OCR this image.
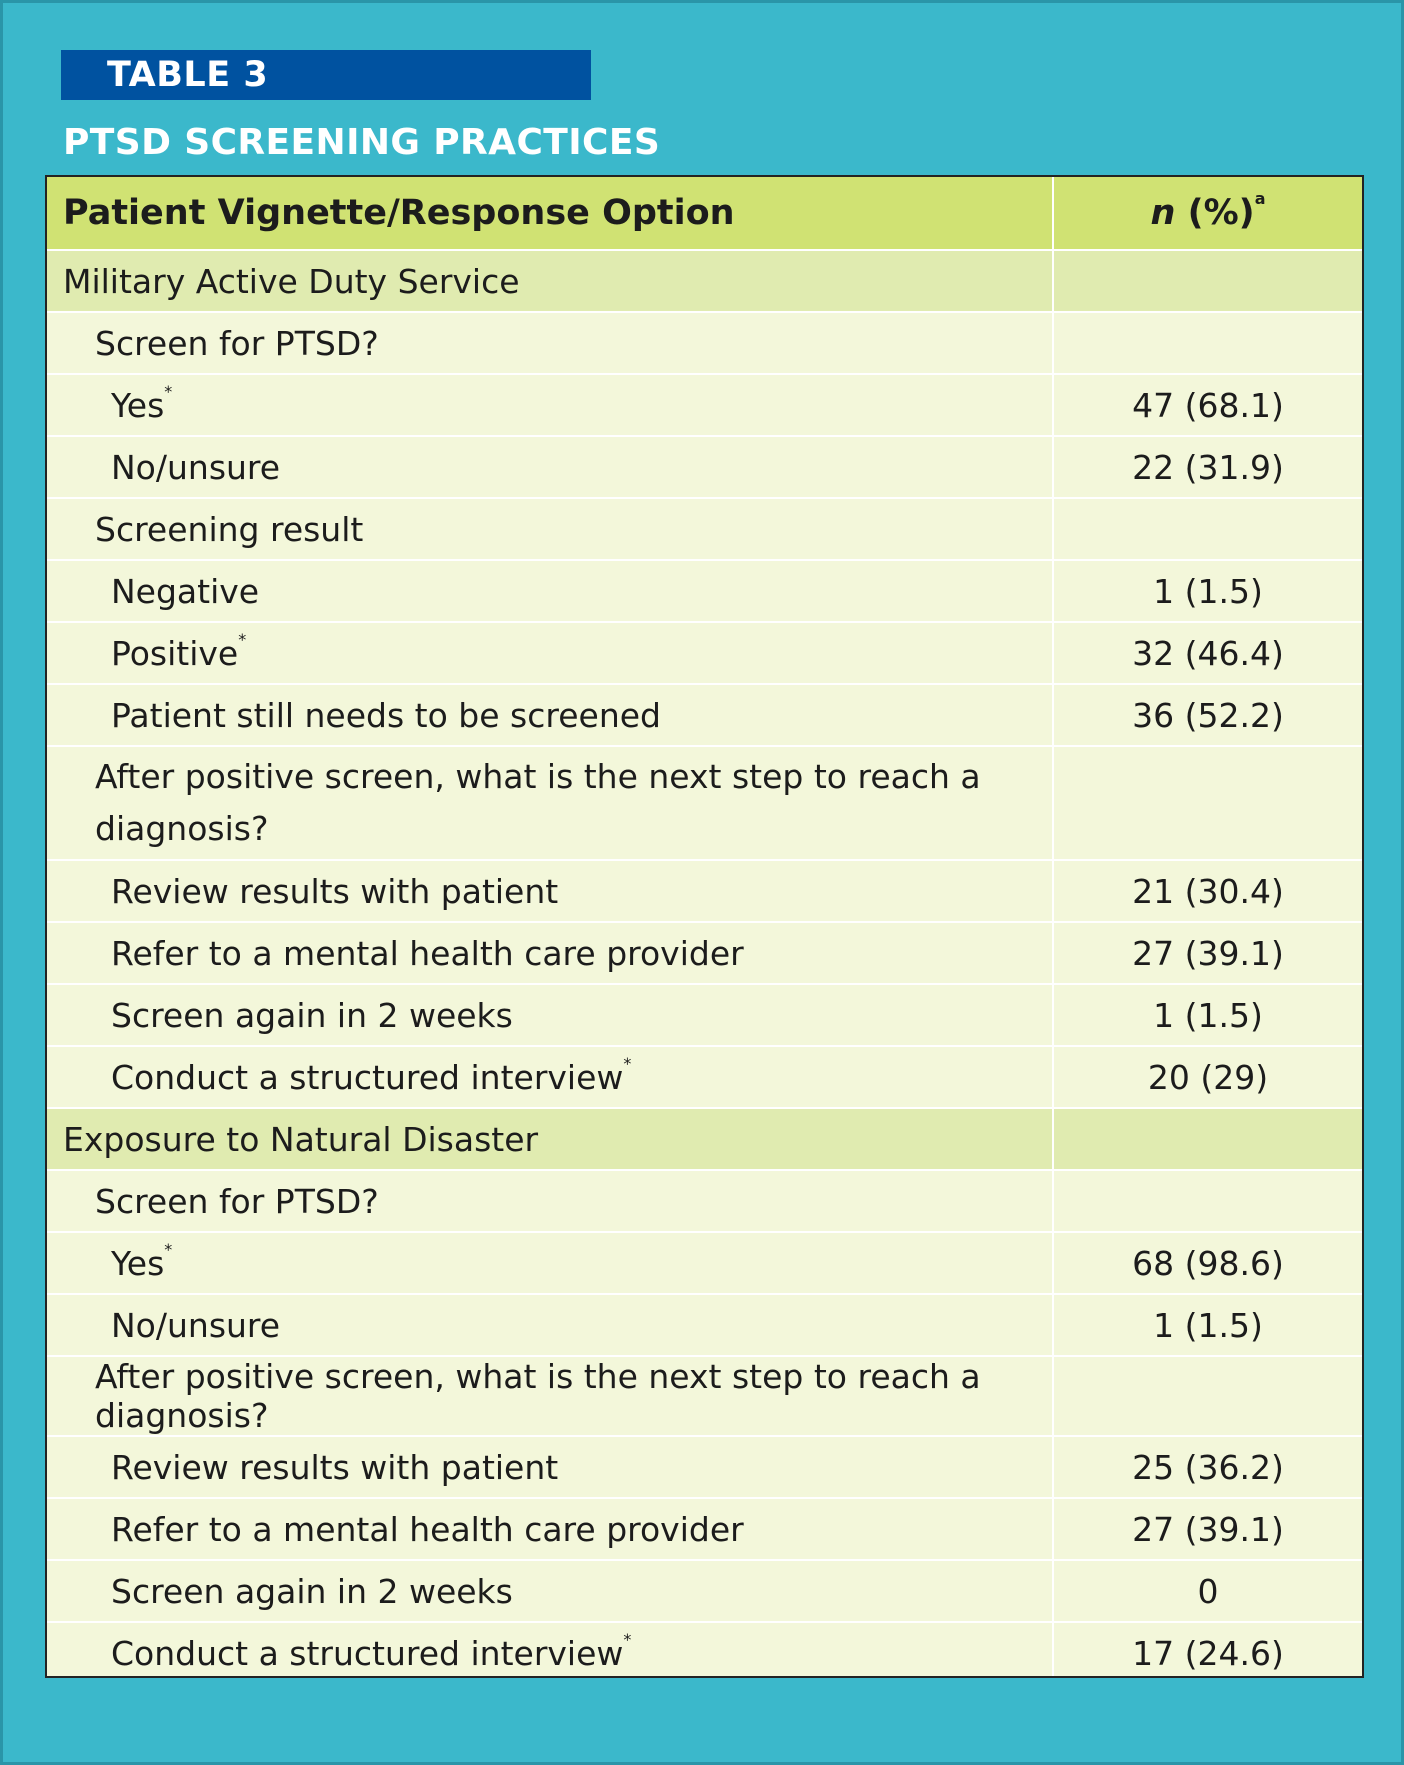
TABLE 3
PTSD SCREENING PRACTICES
Patient Vignette/Response Option	n (%)$^a$
Military Active Duty Service	
Screen for PTSD?	
Yes*	47 (68.1)
No/unsure	22 (31.9)
Screening result	
Negative	1 (1.5)
Positive*	32 (46.4)
Patient still needs to be screened	36 (52.2)
After positive screen, what is the next step to reach a diagnosis?	
Review results with patient	21 (30.4)
Refer to a mental health care provider	27 (39.1)
Screen again in 2 weeks	1 (1.5)
Conduct a structured interview*	20 (29)
Exposure to Natural Disaster	
Screen for PTSD?	
Yes*	68 (98.6)
No/unsure	1 (1.5)
After positive screen, what is the next step to reach a diagnosis?	
Review results with patient	25 (36.2)
Refer to a mental health care provider	27 (39.1)
Screen again in 2 weeks	0
Conduct a structured interview*	17 (24.6)
